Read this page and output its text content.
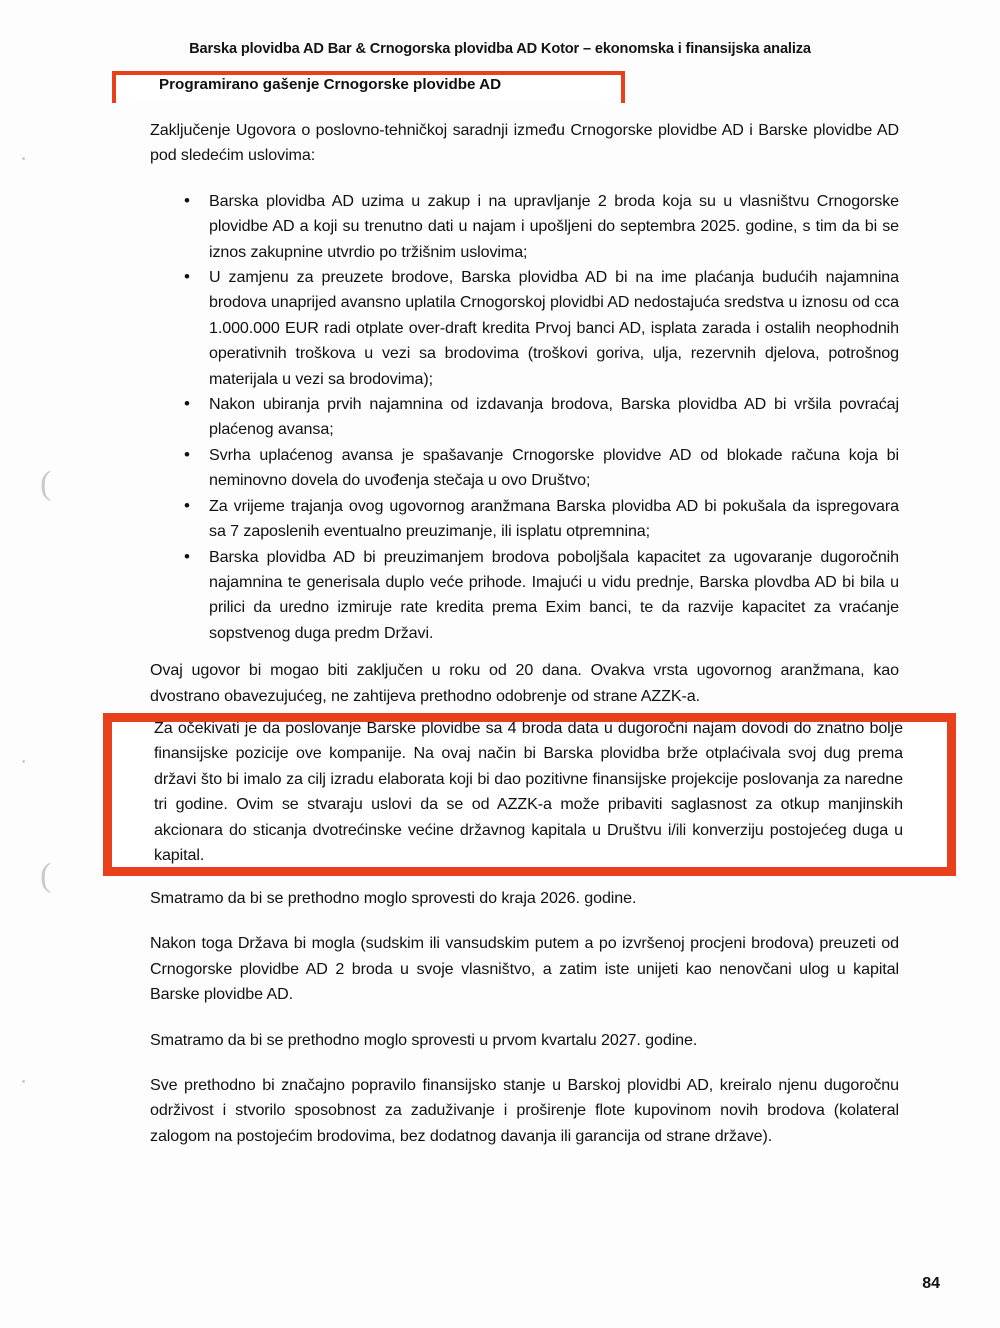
(
(
Barska plovidba AD Bar & Crnogorska plovidba AD Kotor – ekonomska i finansijska analiza
Programirano gašenje Crnogorske plovidbe AD

Zaključenje Ugovora o poslovno-tehničkoj saradnji između Crnogorske plovidbe AD i Barske plovidbe AD pod sledećim uslovima:

• Barska plovidba AD uzima u zakup i na upravljanje 2 broda koja su u vlasništvu Crnogorske plovidbe AD a koji su trenutno dati u najam i upošljeni do septembra 2025. godine, s tim da bi se iznos zakupnine utvrdio po tržišnim uslovima;
• U zamjenu za preuzete brodove, Barska plovidba AD bi na ime plaćanja budućih najamnina brodova unaprijed avansno uplatila Crnogorskoj plovidbi AD nedostajuća sredstva u iznosu od cca 1.000.000 EUR radi otplate over-draft kredita Prvoj banci AD, isplata zarada i ostalih neophodnih operativnih troškova u vezi sa brodovima (troškovi goriva, ulja, rezervnih djelova, potrošnog materijala u vezi sa brodovima);
• Nakon ubiranja prvih najamnina od izdavanja brodova, Barska plovidba AD bi vršila povraćaj plaćenog avansa;
• Svrha uplaćenog avansa je spašavanje Crnogorske plovidve AD od blokade računa koja bi neminovno dovela do uvođenja stečaja u ovo Društvo;
• Za vrijeme trajanja ovog ugovornog aranžmana Barska plovidba AD bi pokušala da ispregovara sa 7 zaposlenih eventualno preuzimanje, ili isplatu otpremnina;
• Barska plovidba AD bi preuzimanjem brodova poboljšala kapacitet za ugovaranje dugoročnih najamnina te generisala duplo veće prihode. Imajući u vidu prednje, Barska plovdba AD bi bila u prilici da uredno izmiruje rate kredita prema Exim banci, te da razvije kapacitet za vraćanje sopstvenog duga predm Državi.

Ovaj ugovor bi mogao biti zaključen u roku od 20 dana. Ovakva vrsta ugovornog aranžmana, kao dvostrano obavezujućeg, ne zahtijeva prethodno odobrenje od strane AZZK-a.

Za očekivati je da poslovanje Barske plovidbe sa 4 broda data u dugoročni najam dovodi do znatno bolje finansijske pozicije ove kompanije. Na ovaj način bi Barska plovidba brže otplaćivala svoj dug prema državi što bi imalo za cilj izradu elaborata koji bi dao pozitivne finansijske projekcije poslovanja za naredne tri godine. Ovim se stvaraju uslovi da se od AZZK-a može pribaviti saglasnost za otkup manjinskih akcionara do sticanja dvotrećinske većine državnog kapitala u Društvu i/ili konverziju postojećeg duga u kapital.

Smatramo da bi se prethodno moglo sprovesti do kraja 2026. godine.

Nakon toga Država bi mogla (sudskim ili vansudskim putem a po izvršenoj procjeni brodova) preuzeti od Crnogorske plovidbe AD 2 broda u svoje vlasništvo, a zatim iste unijeti kao nenovčani ulog u kapital Barske plovidbe AD.

Smatramo da bi se prethodno moglo sprovesti u prvom kvartalu 2027. godine.

Sve prethodno bi značajno popravilo finansijsko stanje u Barskoj plovidbi AD, kreiralo njenu dugoročnu održivost i stvorilo sposobnost za zaduživanje i proširenje flote kupovinom novih brodova (kolateral zalogom na postojećim brodovima, bez dodatnog davanja ili garancija od strane države).

84
